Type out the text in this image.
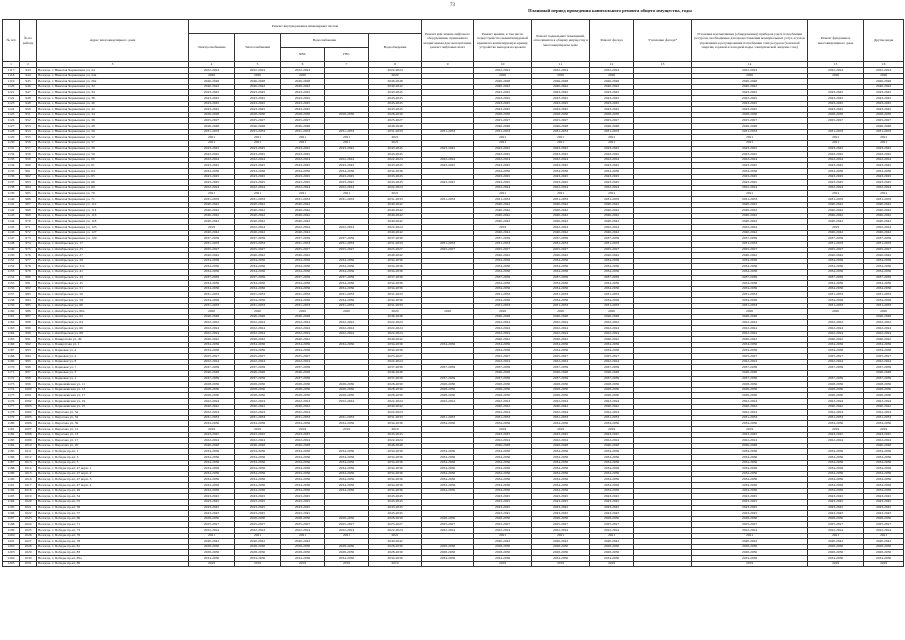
73
Плановый период проведения капитального ремонта общего имущества, годы
№ п/п	№ по району	Адрес многоквартирного дома	Ремонт внутридомовых инженерных систем					Ремонт или замена лифтового оборудования, признанного непригодным для эксплуатации, ремонт лифтовых шахт	Ремонт крыши, в том числе переустройство невентилируемой крыши на вентилируемую крышу, устройство выходов на кровлю	Ремонт подвальных помещений, относящихся к общему имуществу в многоквартирном доме	Ремонт фасада	Утепление фасада*	Установка коллективных (общедомовых) приборов учета потребления ресурсов, необходимых для предоставления коммунальных услуг, и узлов управления и регулирования потребления этих ресурсов (тепловой энергии, горячей и холодной воды, электрической энергии, газа)	Ремонт фундамента многоквартирного дома	Другие виды
			Электроснабжение	Теплоснабжения	Водоснабжение		Водоотведение								
					ХВС	ГВС									
1	2	3	4	5	6	7	8	9	10	11	12	13	14	15	16
1117	943	Вологда, г, Николая Чернышева ул, 24	2022-2024	2022-2024	2022-2024		2022-2024		2022-2024	2022-2024	2022-2024		2022-2024	2022-2024	2022-2024
1118	944	Вологда, г, Николая Чернышева ул, 24а	2020	2020	2020		2020		2020	2020	2020		2020	2020	2020
1119	945	Вологда, г, Николая Чернышева ул, 26а	2046-2048	2046-2048	2046-2048		2046-2048		2046-2048	2046-2048	2046-2048		2046-2048		2046-2048
1120	946	Вологда, г, Николая Чернышева ул, 32	2040-2042	2040-2042	2040-2042		2040-2042		2040-2042	2040-2042	2040-2042		2040-2042		2040-2042
1121	947	Вологда, г, Николая Чернышева ул, 34	2043-2045	2043-2045	2043-2045		2043-2045		2043-2045	2043-2045	2043-2045		2043-2045	2043-2045	2043-2045
1122	948	Вологда, г, Николая Чернышева ул, 36	2043-2045	2043-2045	2043-2045		2043-2045		2043-2045	2043-2045	2043-2045		2043-2045	2043-2045	2043-2045
1123	949	Вологда, г, Николая Чернышева ул, 40	2043-2045	2043-2045	2043-2045		2043-2045		2043-2045	2043-2045	2043-2045		2043-2045	2043-2045	2043-2045
1124	950	Вологда, г, Николая Чернышева ул, 42	2043-2045	2043-2045	2043-2045		2043-2045		2043-2045	2043-2045	2043-2045		2043-2045	2043-2045	2043-2045
1125	951	Вологда, г, Николая Чернышева ул, 34	2026-2028	2028-2030	2028-2030	2028-2030	2028-2030		2028-2030	2028-2030	2028-2030		2028-2030	2028-2030	2028-2030
1126	952	Вологда, г, Николая Чернышева ул, 36	2025-2027	2025-2027	2025-2027		2025-2027		2025-2027	2025-2027	2025-2027		2025-2027	2025-2027	2025-2027
1127	953	Вологда, г, Николая Чернышева ул, 48	2046-2048	2046-2048	2046-2048		2046-2048		2046-2048	2046-2048	2046-2048		2046-2048		2046-2048
1128	954	Вологда, г, Николая Чернышева ул, 50	2031-2033	2031-2033	2031-2033	2031-2033	2031-2033	2031-2033	2031-2033	2031-2033	2031-2033		2031-2033	2031-2033	2031-2033
1129	955	Вологда, г, Николая Чернышева ул, 52	2021	2021	2021	2021	2021		2021	2021	2021		2021	2021	2021
1130	956	Вологда, г, Николая Чернышева ул, 57	2021	2021	2021	2021	2021		2021	2021	2021		2021	2021	2021
1131	957	Вологда, г, Николая Чернышева ул, 58	2043-2045	2043-2045	2043-2045	2043-2045	2043-2045	2043-2045	2043-2045	2043-2045	2043-2045		2043-2045	2043-2045	2043-2045
1132	958	Вологда, г, Николая Чернышева ул, 59	2043-2045	2043-2045	2043-2045		2043-2045		2043-2045	2043-2045	2043-2045		2043-2045	2043-2045	2043-2045
1133	959	Вологда, г, Николая Чернышева ул, 60	2022-2024	2022-2024	2022-2024	2022-2024	2022-2024	2022-2024	2022-2024	2022-2024	2022-2024		2022-2024	2022-2024	2022-2024
1134	960	Вологда, г, Николая Чернышева ул, 61	2043-2045	2043-2045	2043-2045	2043-2045	2043-2045	2043-2045	2043-2045	2043-2045	2043-2045		2043-2045	2043-2045	2043-2045
1135	961	Вологда, г, Николая Чернышева ул, 64	2034-2036	2034-2036	2034-2036	2034-2036	2034-2036		2034-2036	2034-2036	2034-2036		2034-2036	2034-2036	2034-2036
1136	962	Вологда, г, Николая Чернышева ул, 65	2043-2045	2043-2045	2043-2045	2043-2045	2043-2045		2043-2045	2043-2045	2043-2045		2043-2045	2043-2045	2043-2045
1137	963	Вологда, г, Николая Чернышева ул, 66	2043-2045	2043-2045	2043-2045	2043-2045	2043-2045	2043-2045	2043-2045	2043-2045	2043-2045		2043-2045	2043-2045	2043-2045
1138	964	Вологда, г, Николая Чернышева ул, 69	2022-2024	2022-2024	2022-2024	2022-2024	2022-2024		2022-2024	2022-2024	2022-2024		2022-2024	2022-2024	2022-2024
1139	965	Вологда, г, Николая Чернышева ул, 70	2021	2021	2021	2021	2021		2021	2021	2021		2021	2021	2021
1140	966	Вологда, г, Николая Чернышева ул, 71	2031-2033	2031-2033	2031-2033	2031-2033	2031-2033	2031-2033	2031-2033	2031-2033	2031-2033		2031-2033	2031-2033	2031-2033
1141	967	Вологда, г, Николая Чернышева ул, 112	2040-2042	2040-2042	2040-2042		2040-2042		2040-2042	2040-2042	2040-2042		2040-2042	2040-2042	2040-2042
1142	968	Вологда, г, Николая Чернышева ул, 114	2040-2042	2040-2042	2040-2042		2040-2042		2040-2042	2040-2042	2040-2042		2040-2042	2040-2042	2040-2042
1143	969	Вологда, г, Николая Чернышева ул, 116	2040-2042	2040-2042	2040-2042		2040-2042		2040-2042	2040-2042	2040-2042		2040-2042	2040-2042	2040-2042
1144	970	Вологда, г, Николая Чернышева ул, 118	2040-2042	2040-2042	2040-2042		2040-2042		2040-2042	2040-2042	2040-2042		2040-2042	2040-2042	2040-2042
1145	971	Вологда, г, Николая Чернышева ул, 125	2019	2022-2024	2022-2024	2022-2024	2022-2024		2019	2022-2024	2022-2024		2022-2024	2019	2022-2024
1146	972	Вологда, г, Николая Чернышева ул, 127	2040-2042	2040-2042	2040-2042		2040-2042		2040-2042	2040-2042	2040-2042		2040-2042	2040-2042	2040-2042
1147	973	Вологда, г, Николая Чернышева ул, 129	2037-2039	2037-2039	2037-2039	2037-2039	2037-2039		2037-2039	2037-2039	2037-2039		2037-2039	2037-2039	2037-2039
1148	974	Вологда, г, Октябрьская ул, 17	2031-2033	2031-2033	2031-2033	2031-2033	2031-2033	2031-2033	2031-2033	2031-2033	2031-2033		2031-2033	2031-2033	2031-2033
1149	975	Вологда, г, Октябрьская ул, 25	2025-2027	2025-2027	2025-2027	2025-2027	2025-2027	2025-2027	2025-2027	2025-2027	2025-2027		2025-2027	2025-2027	2025-2027
1150	976	Вологда, г, Октябрьская ул, 27	2040-2042	2040-2042	2040-2042		2040-2042		2040-2042	2040-2042	2040-2042		2040-2042	2040-2042	2040-2042
1151	977	Вологда, г, Октябрьская ул, 29	2034-2036	2034-2036	2034-2036	2034-2036	2034-2036		2034-2036	2034-2036	2034-2036		2034-2036	2034-2036	2034-2036
1152	978	Вологда, г, Октябрьская ул, 31а	2034-2036	2034-2036	2034-2036	2034-2036	2034-2036		2034-2036	2034-2036	2034-2036		2034-2036	2034-2036	2034-2036
1153	979	Вологда, г, Октябрьская ул, 41	2034-2036	2034-2036	2034-2036	2034-2036	2034-2036		2034-2036	2034-2036	2034-2036		2034-2036	2034-2036	2034-2036
1154	980	Вологда, г, Октябрьская ул, 43	2037-2039	2037-2039	2037-2039	2037-2039	2037-2039		2037-2039	2037-2039	2037-2039		2037-2039	2037-2039	2037-2039
1155	981	Вологда, г, Октябрьская ул, 45	2034-2036	2034-2036	2034-2036	2034-2036	2034-2036		2034-2036	2034-2036	2034-2036		2034-2036	2034-2036	2034-2036
1156	982	Вологда, г, Октябрьская ул, 51	2034-2036	2034-2036	2034-2036	2034-2036	2034-2036		2034-2036	2034-2036	2034-2036		2034-2036	2034-2036	2034-2036
1157	983	Вологда, г, Октябрьская ул, 56	2031-2033	2031-2033	2031-2033	2031-2033	2031-2033		2031-2033	2031-2033	2031-2033		2031-2033	2031-2033	2031-2033
1158	984	Вологда, г, Октябрьская ул, 58	2034-2036	2034-2036	2034-2036	2034-2036	2034-2036		2034-2036	2034-2036	2034-2036		2034-2036	2034-2036	2034-2036
1159	985	Вологда, г, Октябрьская ул, 60	2031-2033	2031-2033	2031-2033	2031-2033	2031-2033		2031-2033	2031-2033	2031-2033		2031-2033	2031-2033	2031-2033
1160	986	Вологда, г, Октябрьская ул, 60а	2020	2020	2020	2020	2020	2020	2020	2020	2020		2020	2020	2020
1161	987	Вологда, г, Октябрьская ул, 62	2046-2048	2046-2048	2046-2048		2046-2048		2046-2048	2046-2048	2046-2048		2046-2048		2046-2048
1162	988	Вологда, г, Октябрьская ул, 64	2022-2024	2022-2024	2022-2024	2022-2024	2022-2024		2022-2024	2022-2024	2022-2024		2022-2024	2022-2024	2022-2024
1163	989	Вологда, г, Октябрьская ул, 66	2022-2024	2022-2024	2022-2024	2022-2024	2022-2024		2022-2024	2022-2024	2022-2024		2022-2024	2022-2024	2022-2024
1164	990	Вологда, г, Октябрьская ул, 68	2022-2024	2022-2024	2022-2024	2022-2024	2022-2024		2022-2024	2022-2024	2022-2024		2022-2024	2022-2024	2022-2024
1165	991	Вологда, г, Панкратова ул, 49	2040-2042	2040-2042	2040-2042		2040-2042		2040-2042	2040-2042	2040-2042		2040-2042	2040-2042	2040-2042
1166	992	Вологда, г, Панкратова ул, 1	2034-2036	2034-2036	2034-2036	2034-2036	2034-2036	2034-2036	2034-2036	2034-2036	2034-2036		2034-2036	2034-2036	2034-2036
1167	993	Вологда, г, Парковая ул, 2	2034-2036	2034-2036	2034-2036		2034-2036		2034-2036	2034-2036	2034-2036		2034-2036	2034-2036	2034-2036
1168	994	Вологда, г, Парковая ул, 4	2025-2027	2025-2027	2025-2027		2025-2027		2025-2027	2025-2027	2025-2027		2025-2027	2025-2027	2025-2027
1169	995	Вологда, г, Парковая ул, 8	2022-2024	2022-2024	2022-2024		2022-2024		2022-2024	2022-2024	2022-2024		2022-2024	2022-2024	2022-2024
1170	996	Вологда, г, Парковая ул, 7	2037-2039	2037-2039	2037-2039		2037-2039	2037-2039	2037-2039	2037-2039	2037-2039		2037-2039	2037-2039	2037-2039
1171	997	Вологда, г, Парковая ул, 3	2046-2048	2046-2048	2046-2048		2046-2048		2046-2048	2046-2048	2046-2048		2046-2048		2046-2048
1172	998	Вологда, г, Парковая ул, 1	2037-2039	2037-2039	2037-2039		2037-2039	2037-2039	2037-2039	2037-2039	2037-2039		2037-2039	2037-2039	2037-2039
1173	999	Вологда, г, Первомайская ул, 11	2028-2030	2028-2030	2028-2030	2028-2030	2028-2030	2028-2030	2028-2030	2028-2030	2028-2030		2028-2030	2028-2030	2028-2030
1174	1000	Вологда, г, Первомайская ул, 13	2028-2030	2028-2030	2028-2030	2028-2030	2028-2030	2028-2030	2028-2030	2028-2030	2028-2030		2028-2030	2028-2030	2028-2030
1175	1001	Вологда, г, Первомайская ул, 17	2028-2030	2028-2030	2028-2030	2028-2030	2028-2030	2028-2030	2028-2030	2028-2030	2028-2030		2028-2030	2028-2030	2028-2030
1176	1002	Вологда, г, Первомайская ул, 19	2022-2024	2022-2024	2022-2024	2022-2024	2022-2024	2022-2024	2022-2024	2022-2024	2022-2024		2022-2024	2022-2024	2022-2024
1177	1003	Вологда, г, Первомайская ул, 25	2040-2042	2040-2042	2040-2042		2040-2042		2040-2042	2040-2042	2040-2042		2040-2042	2040-2042	2040-2042
1178	1004	Вологда, г, Пирогова ул, 32	2022-2024	2022-2024	2022-2024		2022-2024		2022-2024	2022-2024	2022-2024		2022-2024	2022-2024	2022-2024
1179	1005	Вологда, г, Пирогова ул, 34	2031-2033	2031-2033	2031-2033	2031-2033	2031-2033	2031-2033	2031-2033	2031-2033	2031-2033		2031-2033	2031-2033	2031-2033
1180	1006	Вологда, г, Пирогова ул, 39	2034-2036	2034-2036	2034-2036	2034-2036	2034-2036	2034-2036	2034-2036	2034-2036	2034-2036		2034-2036	2034-2036	2034-2036
1181	1007	Вологда, г, Пирогова ул, 12	2019	2019	2019	2019	2019		2019	2019	2019		2019	2019	2019
1182	1008	Вологда, г, Пирогова ул, 13	2043-2045	2043-2045	2043-2045		2043-2045		2043-2045	2043-2045	2043-2045		2043-2045	2043-2045	2043-2045
1183	1009	Вологда, г, Пирогова ул, 17	2022-2024	2022-2024	2022-2024		2022-2024		2022-2024	2022-2024	2022-2024		2022-2024	2022-2024	2022-2024
1184	1010	Вологда, г, Пирогова ул, 20	2046-2048	2046-2048	2046-2048		2046-2048		2046-2048	2046-2048	2046-2048		2046-2048		2046-2048
1185	1011	Вологда, г, Победы пр-кт, 1	2034-2036	2034-2036	2034-2036	2034-2036	2034-2036	2034-2036	2034-2036	2034-2036	2034-2036		2034-2036	2034-2036	2034-2036
1186	1012	Вологда, г, Победы пр-кт, 3	2034-2036	2034-2036	2034-2036	2034-2036	2034-2036	2034-2036	2034-2036	2034-2036	2034-2036		2034-2036	2034-2036	2034-2036
1187	1013	Вологда, г, Победы пр-кт, 5	2034-2036	2034-2036	2034-2036	2034-2036	2034-2036	2034-2036	2034-2036	2034-2036	2034-2036		2034-2036	2034-2036	2034-2036
1188	1014	Вологда, г, Победы пр-кт, 47 корп. 1	2034-2036	2034-2036	2034-2036	2034-2036	2034-2036	2034-2036	2034-2036	2034-2036	2034-2036		2034-2036	2034-2036	2034-2036
1189	1015	Вологда, г, Победы пр-кт, 47 корп. 2	2034-2036	2034-2036	2034-2036	2034-2036	2034-2036	2034-2036	2034-2036	2034-2036	2034-2036		2034-2036	2034-2036	2034-2036
1190	1016	Вологда, г, Победы пр-кт, 47 корп. 3	2034-2036	2034-2036	2034-2036	2034-2036	2034-2036	2034-2036	2034-2036	2034-2036	2034-2036		2034-2036	2034-2036	2034-2036
1191	1017	Вологда, г, Победы пр-кт, 47 корп. 4	2034-2036	2034-2036	2034-2036	2034-2036	2034-2036	2034-2036	2034-2036	2034-2036	2034-2036		2034-2036	2034-2036	2034-2036
1192	1018	Вологда, г, Победы пр-кт, 49	2034-2036	2034-2036	2034-2036	2034-2036	2034-2036	2034-2036	2034-2036	2034-2036	2034-2036		2034-2036	2034-2036	2034-2036
1193	1019	Вологда, г, Победы пр-кт, 54	2043-2045	2043-2045	2043-2045		2043-2045		2043-2045	2043-2045	2043-2045		2043-2045	2043-2045	2043-2045
1194	1020	Вологда, г, Победы пр-кт, 55	2043-2045	2043-2045	2043-2045		2043-2045		2043-2045	2043-2045	2043-2045		2043-2045	2043-2045	2043-2045
1195	1021	Вологда, г, Победы пр-кт, 56	2043-2045	2043-2045	2043-2045		2043-2045		2043-2045	2043-2045	2043-2045		2043-2045	2043-2045	2043-2045
1196	1022	Вологда, г, Победы пр-кт, 57	2043-2045	2043-2045	2043-2045		2043-2045		2043-2045	2043-2045	2043-2045		2043-2045	2043-2045	2043-2045
1197	1023	Вологда, г, Победы пр-кт, 69	2028-2030	2028-2030	2028-2030	2028-2030	2028-2030	2028-2030	2028-2030	2028-2030	2028-2030		2028-2030	2028-2030	2028-2030
1198	1024	Вологда, г, Победы пр-кт, 71	2025-2027	2025-2027	2025-2027	2025-2027	2025-2027	2025-2027	2025-2027	2025-2027	2025-2027		2025-2027	2025-2027	2025-2027
1199	1025	Вологда, г, Победы пр-кт, 73	2022-2024	2022-2024	2022-2024	2022-2024	2022-2024	2022-2024	2022-2024	2022-2024	2022-2024		2022-2024	2022-2024	2022-2024
1200	1026	Вологда, г, Победы пр-кт, 76	2021	2021	2021	2021	2021		2021	2021	2021		2021	2021	2021
1201	1027	Вологда, г, Победы пр-кт, 78	2040-2042	2040-2042	2040-2042		2040-2042		2040-2042	2040-2042	2040-2042		2040-2042	2040-2042	2040-2042
1202	1028	Вологда, г, Победы пр-кт, 81	2028-2030	2028-2030	2028-2030	2028-2030	2028-2030	2028-2030	2028-2030	2028-2030	2028-2030		2028-2030	2028-2030	2028-2030
1203	1029	Вологда, г, Победы пр-кт, 83	2028-2030	2028-2030	2028-2030	2028-2030	2028-2030	2028-2030	2028-2030	2028-2030	2028-2030		2028-2030	2028-2030	2028-2030
1204	1030	Вологда, г, Победы пр-кт, 85а	2034-2036	2034-2036	2034-2036	2034-2036	2034-2036	2034-2036	2034-2036	2034-2036	2034-2036		2034-2036	2034-2036	2034-2036
1205	1031	Вологда, г, Победы пр-кт, 86	2019	2019	2019	2019	2019		2019	2019	2019		2019	2019	2019
